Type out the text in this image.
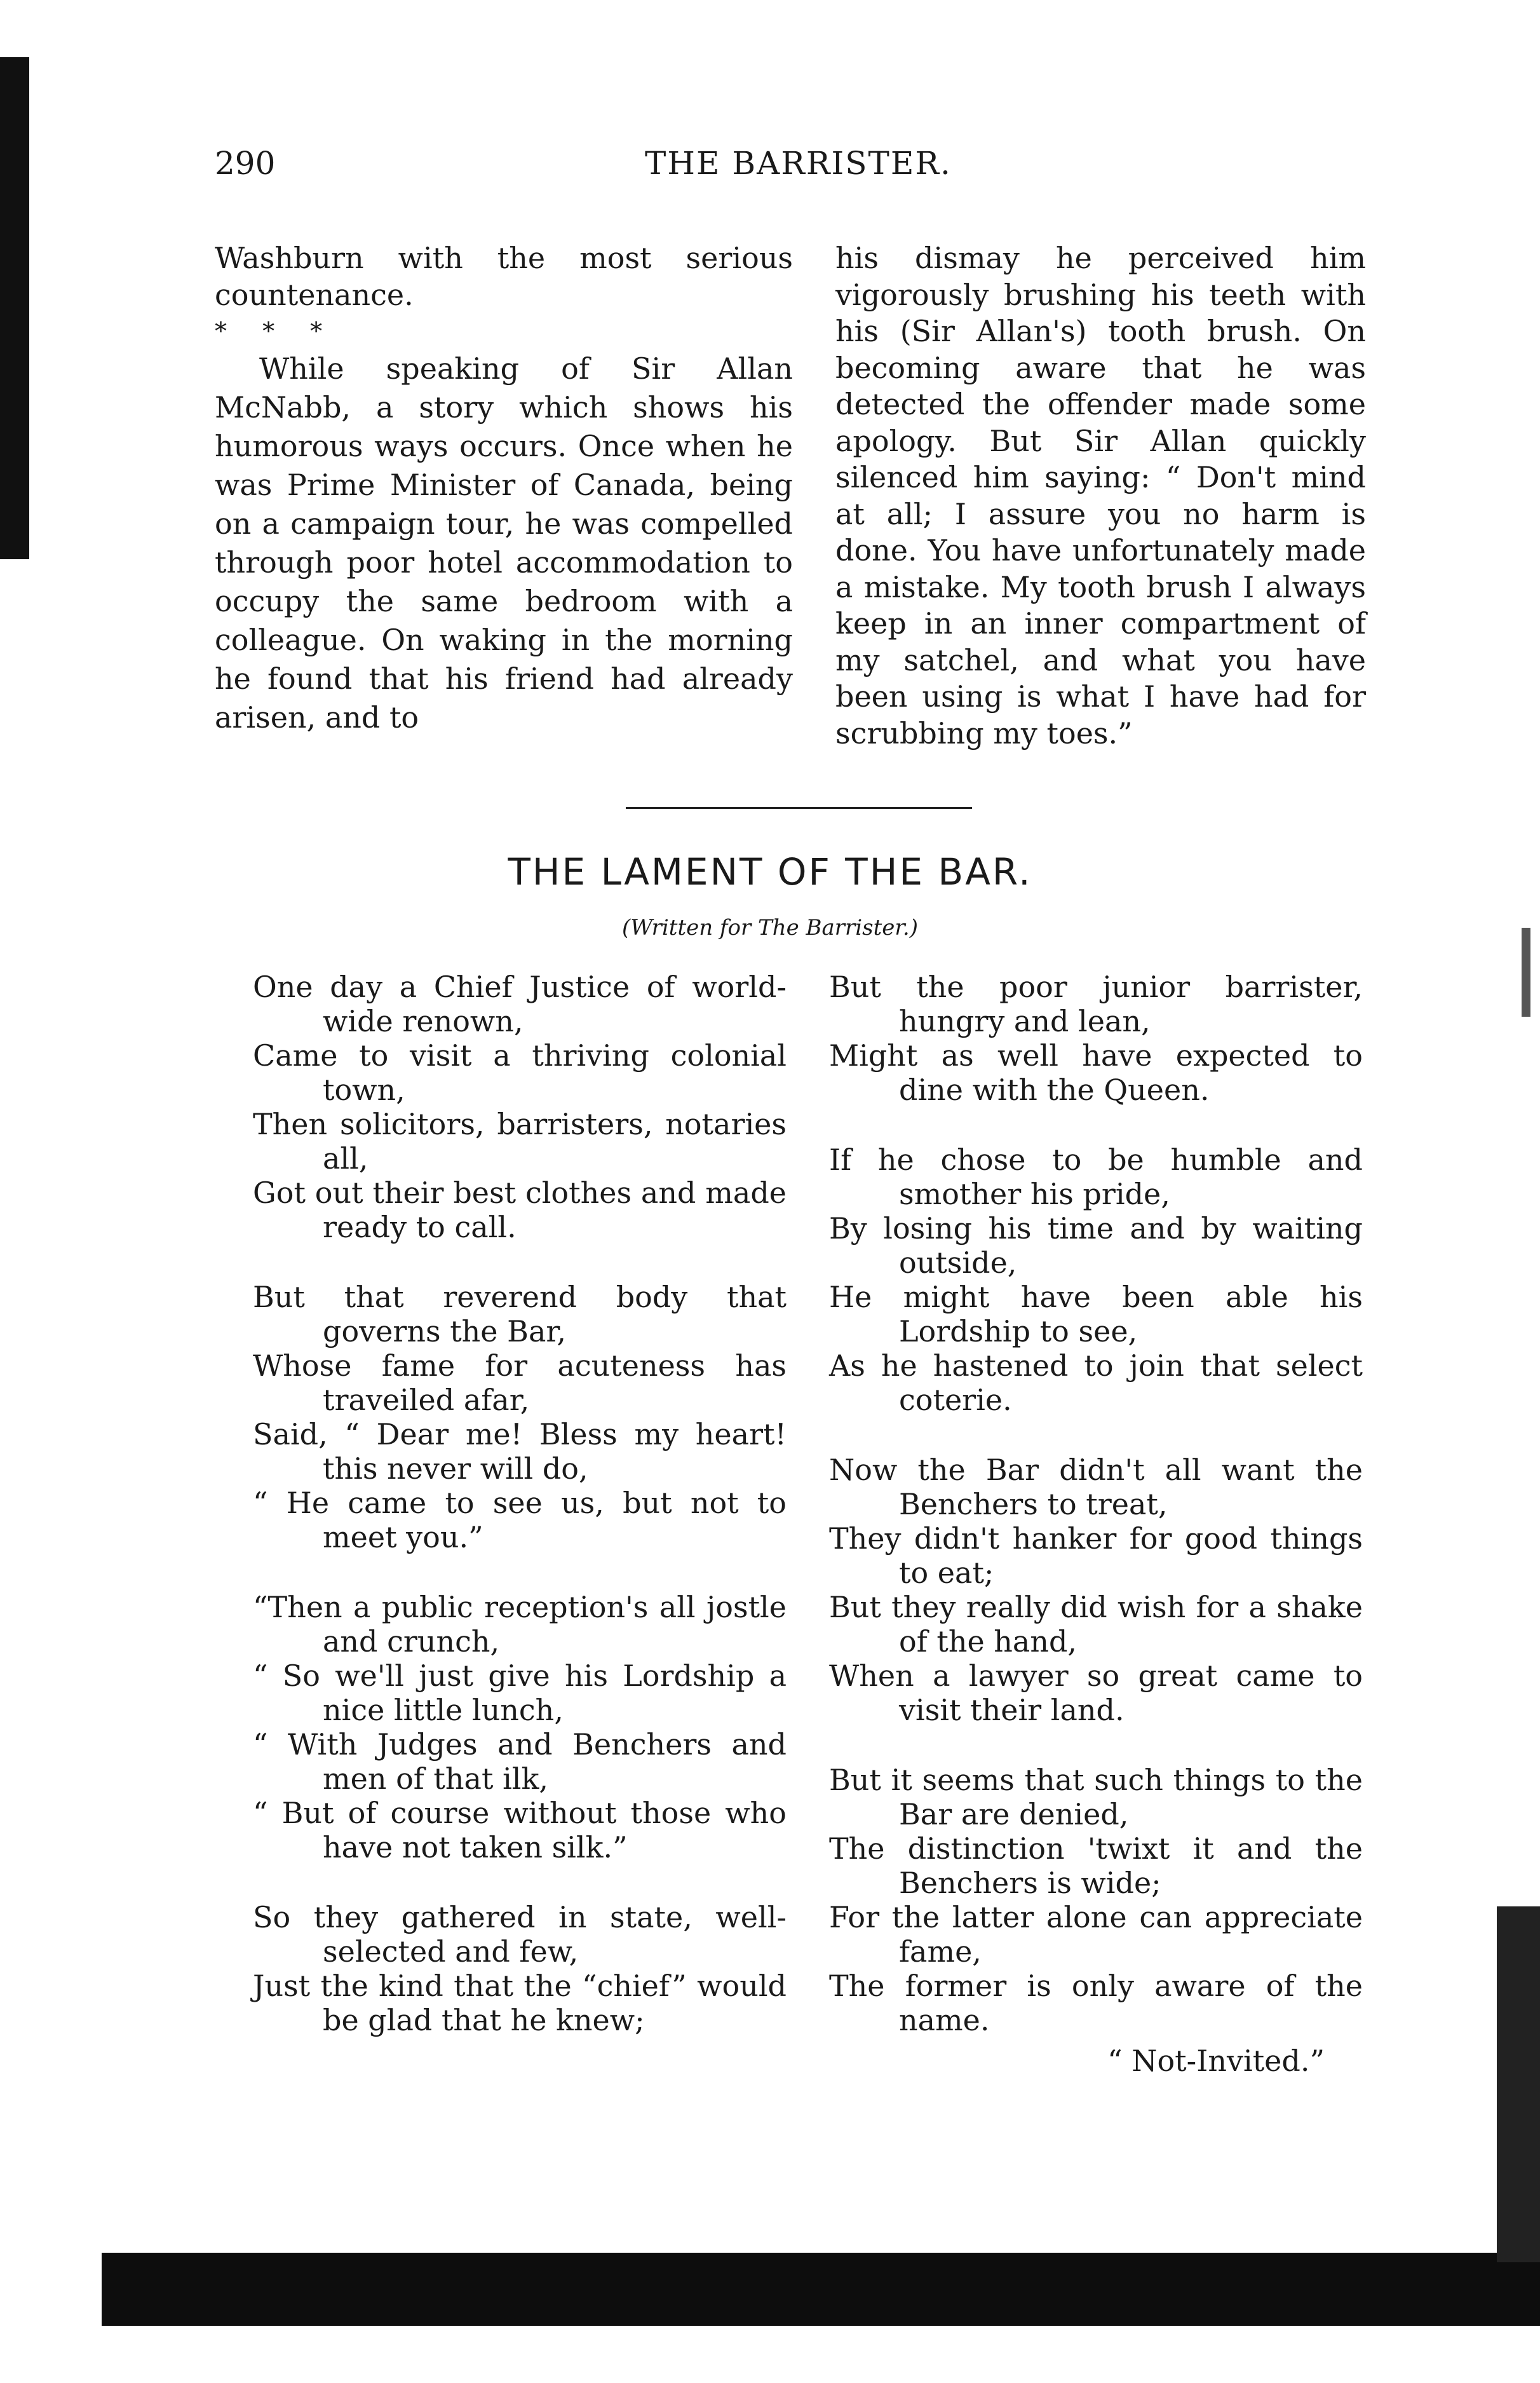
290	THE BARRISTER.

Washburn with the most serious countenance.

* * *

While speaking of Sir Allan McNabb, a story which shows his humorous ways occurs. Once when he was Prime Minister of Canada, being on a campaign tour, he was compelled through poor hotel accommodation to occupy the same bedroom with a colleague. On waking in the morning he found that his friend had already arisen, and to

his dismay he perceived him vigorously brushing his teeth with his (Sir Allan's) tooth brush. On becoming aware that he was detected the offender made some apology. But Sir Allan quickly silenced him saying: “ Don't mind at all; I assure you no harm is done. You have unfortunately made a mistake. My tooth brush I always keep in an inner compartment of my satchel, and what you have been using is what I have had for scrubbing my toes.”

THE LAMENT OF THE BAR.
(Written for The Barrister.)
One day a Chief Justice of world-wide renown,
Came to visit a thriving colonial town,
Then solicitors, barristers, notaries all,
Got out their best clothes and made ready to call.
But that reverend body that governs the Bar,
Whose fame for acuteness has traveiled afar,
Said, “ Dear me! Bless my heart! this never will do,
“ He came to see us, but not to meet you.”
“Then a public reception's all jostle and crunch,
“ So we'll just give his Lordship a nice little lunch,
“ With Judges and Benchers and men of that ilk,
“ But of course without those who have not taken silk.”
So they gathered in state, well-selected and few,
Just the kind that the “chief” would be glad that he knew;
But the poor junior barrister, hungry and lean,
Might as well have expected to dine with the Queen.
If he chose to be humble and smother his pride,
By losing his time and by waiting outside,
He might have been able his Lordship to see,
As he hastened to join that select coterie.
Now the Bar didn't all want the Benchers to treat,
They didn't hanker for good things to eat;
But they really did wish for a shake of the hand,
When a lawyer so great came to visit their land.
But it seems that such things to the Bar are denied,
The distinction 'twixt it and the Benchers is wide;
For the latter alone can appreciate fame,
The former is only aware of the name.
“ Not-Invited.”
